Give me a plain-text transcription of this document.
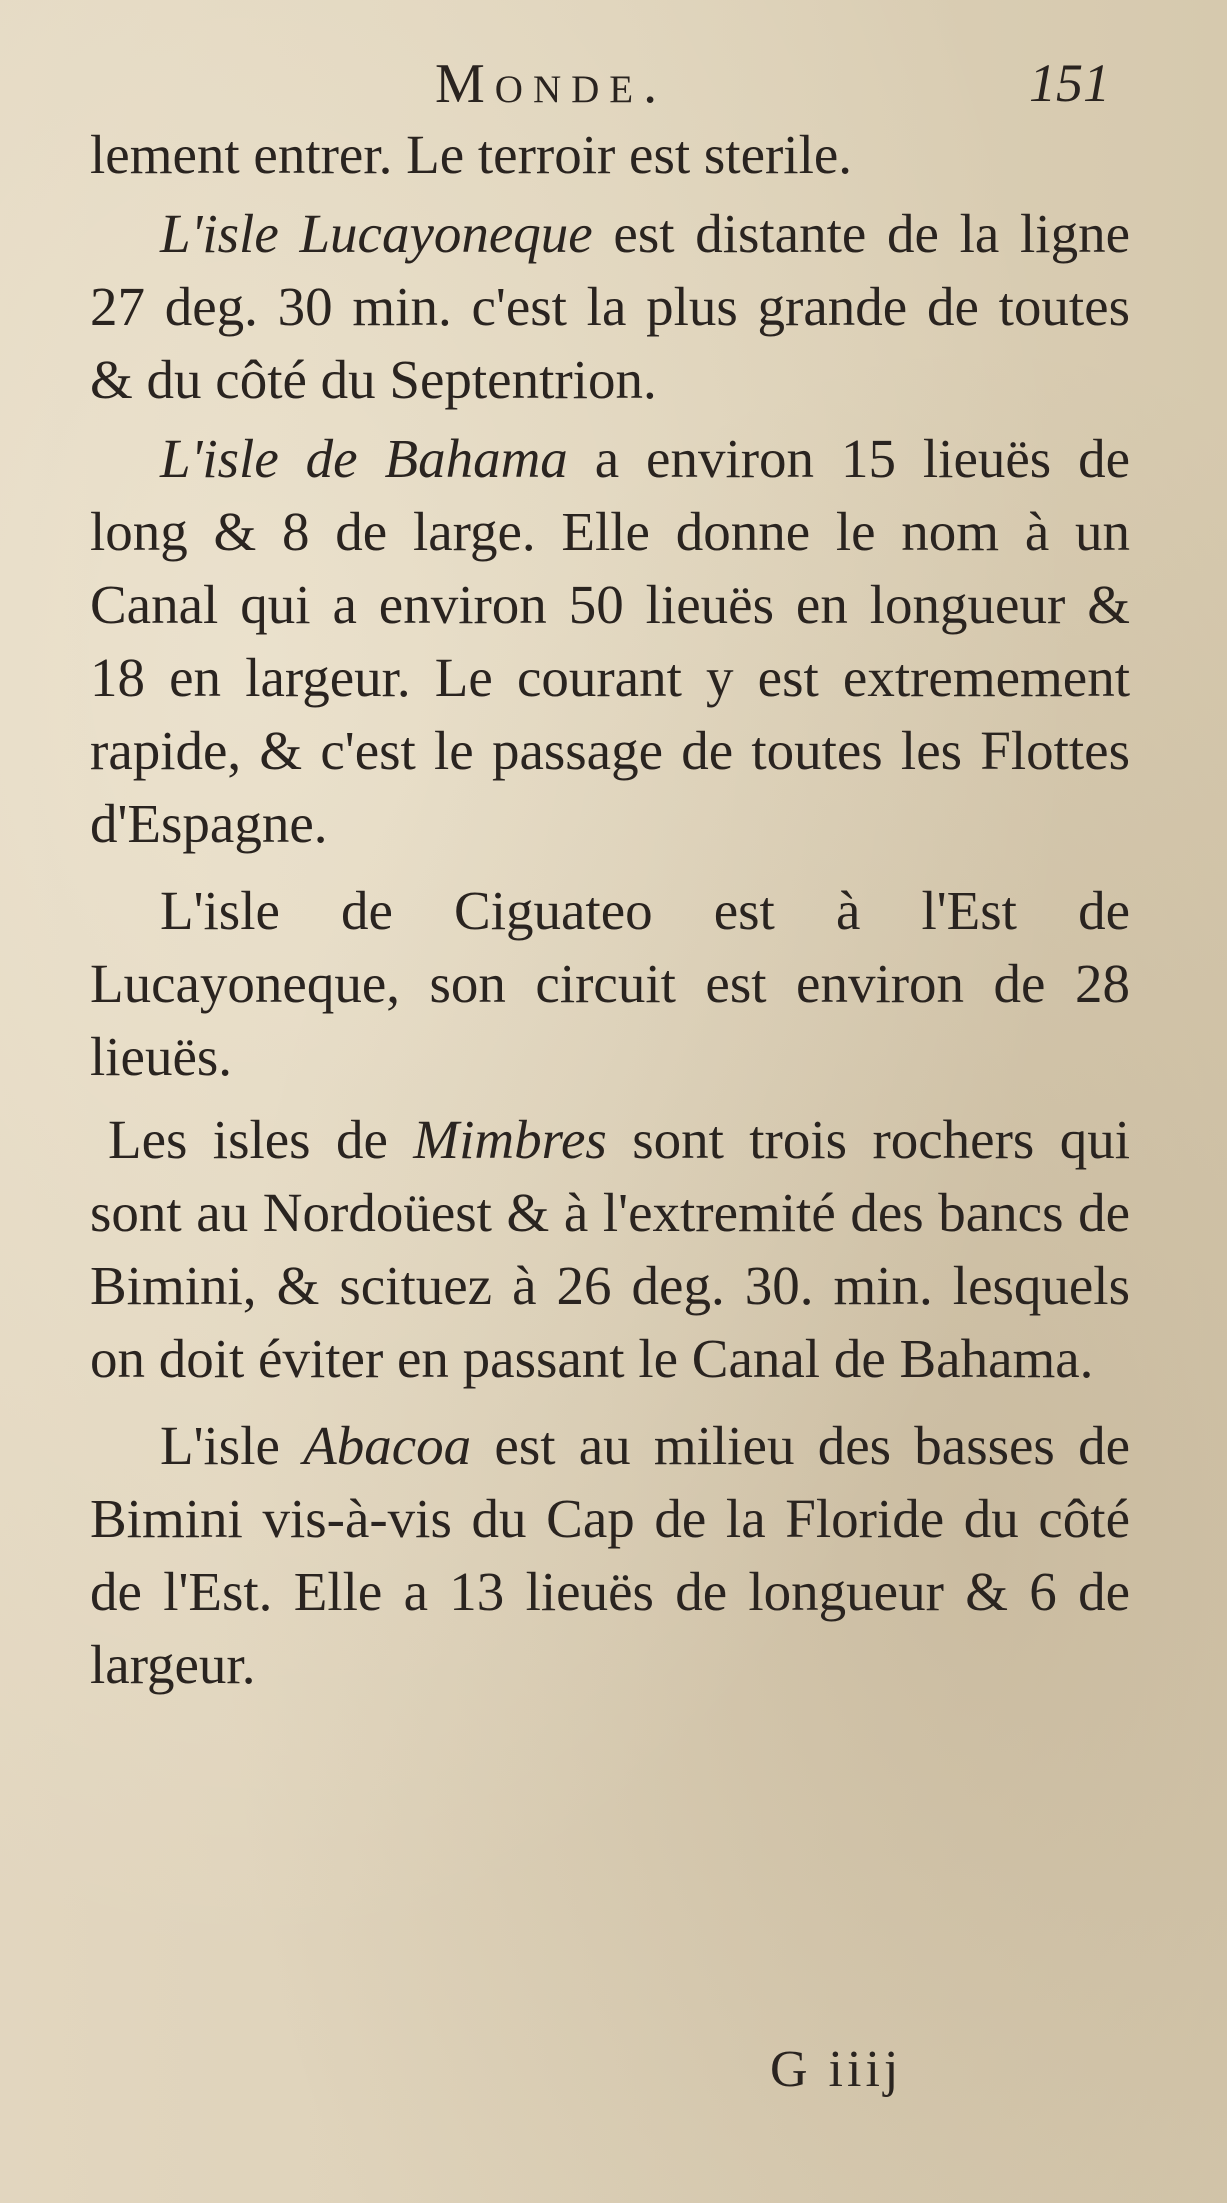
Monde.	151

lement entrer. Le terroir est sterile.

L'isle Lucayoneque est distante de la ligne 27 deg. 30 min. c'est la plus grande de toutes & du côté du Septentrion.

L'isle de Bahama a environ 15 lieuës de long & 8 de large. Elle donne le nom à un Canal qui a environ 50 lieuës en longueur & 18 en largeur. Le courant y est extremement rapide, & c'est le passage de toutes les Flottes d'Espagne.

L'isle de Ciguateo est à l'Est de Lucayoneque, son circuit est environ de 28 lieuës.

Les isles de Mimbres sont trois rochers qui sont au Nordoüest & à l'extremité des bancs de Bimini, & scituez à 26 deg. 30. min. lesquels on doit éviter en passant le Canal de Bahama.

L'isle Abacoa est au milieu des basses de Bimini vis-à-vis du Cap de la Floride du côté de l'Est. Elle a 13 lieuës de longueur & 6 de largeur.

G iiij
